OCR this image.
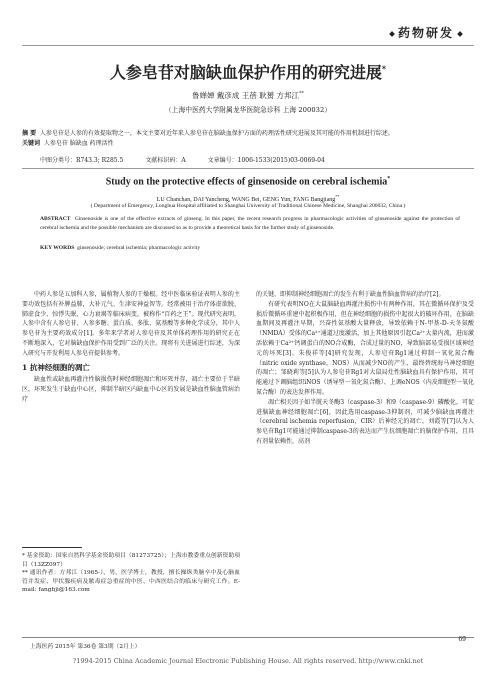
药物研发
人参皂苷对脑缺血保护作用的研究进展*
鲁婵婵 戴彦成 王蓓 耿赟 方邦江**
（上海中医药大学附属龙华医院急诊科 上海 200032）
摘 要 人参皂苷是人参的有效提取物之一，本文主要对近年来人参皂苷在脑缺血保护方面的药理活性研究进展及其可能的作用机制进行综述。
关键词 人参皂苷 脑缺血 药理活性
中图分类号：R743.3; R285.5	文献标识码：A	文章编号：1006-1533(2015)03-0069-04
Study on the protective effects of ginsenoside on cerebral ischemia*
LU Chanchan, DAI Yancheng, WANG Bei, GENG Yun, FANG Bangjiang**
( Department of Emergency, Longhua Hospital affiliated to Shanghai University of Traditional Chinese Medicine, Shanghai 200032, China )
ABSTRACT Ginsenoside is one of the effective extracts of ginseng. In this paper, the recent research progress in pharmacologic activities of ginsenoside against the protection of cerebral ischemia and the possible mechanism are discussed so as to provide a theoretical basis for the further study of ginsenoside.
KEY WORDS ginsenoside; cerebral ischemia; pharmacologic activity
中药人参是五加科人参，属植物人参的干燥根。经中医临床验证表明人参的主要功效包括有补脾益肺，大补元气、生津安神益智等。经常被用于治疗体虚欲脱、肺虚食少、惊悸失眠、心力衰竭等临床病变，被称作“百药之王”。现代研究表明，人参中含有人参皂苷、人参多糖、蛋白质、多肽、氨基酸等多种化学成分，其中人参皂苷为主要药效成分[1]。多年来学者对人参皂苷及其单体药理作用的研究正在不断地深入，它对脑缺血保护作用受到广泛的关注。现将有关进展进行综述，为深入研究与开发利用人参皂苷提供参考。
1 抗神经细胞的凋亡
缺血性或缺血再灌注性脑损伤时神经细胞凋亡和坏死并存，凋亡主要位于半暗区，坏死发生于缺血中心区，抑制半暗区内缺血中心区的发展是缺血性脑血管病治疗
的关键，即抑制神经细胞凋亡的发生有利于缺血性脑血管病的治疗[2]。
有研究表明NO在大鼠脑缺血再灌注损伤中有两种作用，其在微循环保护及受损后微循环重建中起积极作用，但在神经细胞的损伤中起很大的破坏作用，在脑缺血期间及再灌注早期，兴奋性氨基酸大量释放，导致依赖于N-甲基-D-天冬氨酸（NMDA）受体的Ca²⁺通道过度激活，加上其他原因引起Ca²⁺大量内流，进而激活依赖于Ca²⁺钙调蛋白的NO合成酶，合成过量的NO，导致脑部易受损区域神经元的坏死[3]。朱俊祥等[4]研究发现，人参皂苷Rg1通过抑制一氧化氮合酶（nitric oxide synthase，NOS）从而减少NO的产生，最终替统海马神经细胞的凋亡；邹晓莉等[5]认为人参皂苷Rg1对大鼠局灶性脑缺血具有保护作用，其可能通过下调脑组织iNOS（诱导型一氧化氮合酶）、上调eNOS（内皮细胞型一氧化氮合酶）的表达发挥作用。
凋亡相关因子如半胱天冬酶3（caspase-3）和9（caspase-9）磷酸化，可促进脑缺血神经细胞凋亡[6]，因此选用caspase-3抑制剂，可减少脑缺血再灌注（cerebral ischemia reperfusion，CIR）后神经元的凋亡，刘霞等[7]认为人参皂苷Rg1可能通过抑制caspase-3的表达而产生抗细胞凋亡的脑保护作用，且具有剂量依赖性，高剂
* 基金资助：国家自然科学基金资助项目（81273725）；上海市教委重点创新资助项目（13ZZ097）
** 通讯作者：方邦江（1965-），男，医学博士，教授，擅长操纵类脑卒中及心脑血管并发症、甲状腺疾病及脓毒症急重症的中医、中西医结合的临床与研究工作。E-mail: fangbji@163.com
上海医药 2015年 第36卷 第3期（2月上）
69
?1994-2015 China Academic Journal Electronic Publishing House. All rights reserved. http://www.cnki.net
